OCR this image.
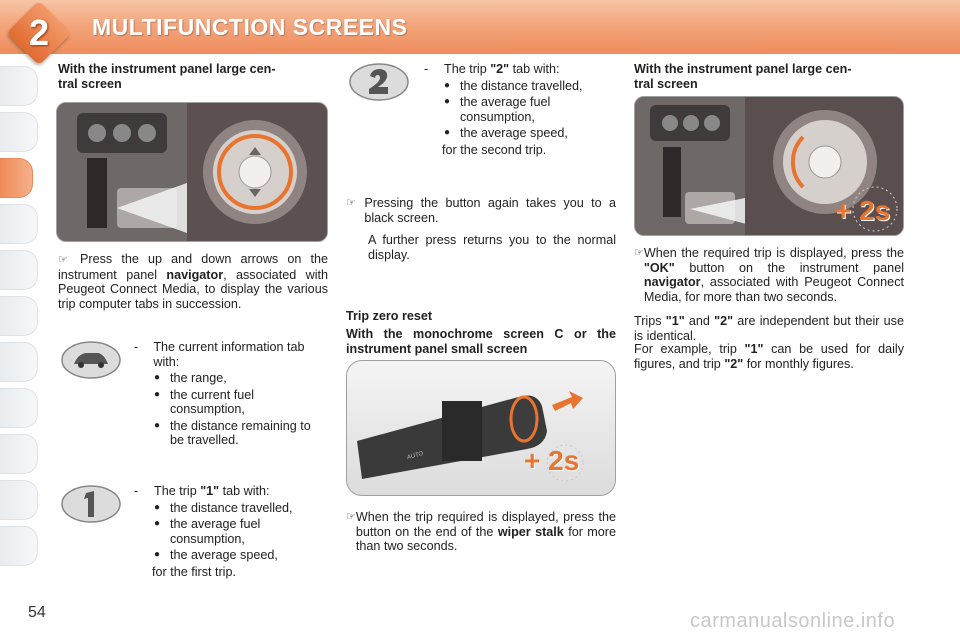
2	MULTIFUNCTION SCREENS
With the instrument panel large cen-
tral screen
☞ Press the up and down arrows on the instrument panel navigator, associated with Peugeot Connect Media, to display the various trip computer tabs in succession.
-	The current information tab with:
● the range,
● the current fuel consumption,
● the distance remaining to be travelled.
-	The trip "1" tab with:
● the distance travelled,
● the average fuel consumption,
● the average speed,
for the first trip.
-	The trip "2" tab with:
● the distance travelled,
● the average fuel consumption,
● the average speed,
for the second trip.
☞ Pressing the button again takes you to a black screen.
A further press returns you to the normal display.
Trip zero reset
With the monochrome screen C or the instrument panel small screen
+ 2s
AUTO
☞ When the trip required is displayed, press the button on the end of the wiper stalk for more than two seconds.
With the instrument panel large cen-
tral screen
+ 2s
☞ When the required trip is displayed, press the "OK" button on the instrument panel navigator, associated with Peugeot Connect Media, for more than two seconds.
Trips "1" and "2" are independent but their use is identical.
For example, trip "1" can be used for daily figures, and trip "2" for monthly figures.
54	carmanualsonline.info
